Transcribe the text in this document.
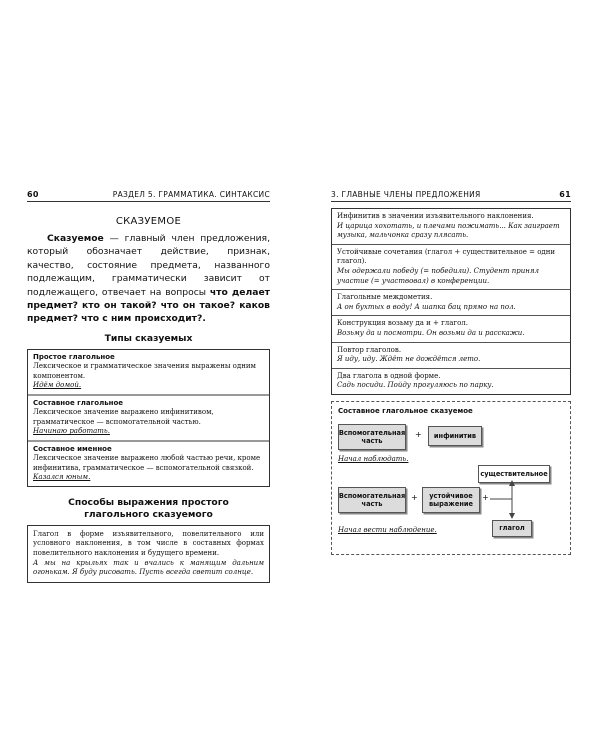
60	РАЗДЕЛ 5. ГРАММАТИКА. СИНТАКСИС
СКАЗУЕМОЕ
Сказуемое — главный член предложения, который обозначает действие, признак, качество, состояние предмета, названного подлежащим, грамматически зависит от подлежащего, отвечает на вопросы что делает предмет? кто он такой? что он такое? каков предмет? что с ним происходит?.
Типы сказуемых
Простое глагольное
Лексическое и грамматическое значения выражены одним компонентом.
Идём домой.
Составное глагольное
Лексическое значение выражено инфинитивом, грамматическое — вспомогательной частью.
Начинаю работать.
Составное именное
Лексическое значение выражено любой частью речи, кроме инфинитива, грамматическое — вспомогательной связкой.
Казался юным.
Способы выражения простого
глагольного сказуемого
Глагол в форме изъявительного, повелительного или условного наклонения, в том числе в составных формах повелительного наклонения и будущего времени.
А мы на крыльях так и вчались к манящим дальним огонькам. Я буду рисовать. Пусть всегда светит солнце.
3. ГЛАВНЫЕ ЧЛЕНЫ ПРЕДЛОЖЕНИЯ	61
Инфинитив в значении изъявительного наклонения.
И царица хохотать, и плечами пожимать... Как заиграет музыка, мальчонка сразу плясать.
Устойчивые сочетания (глагол + существительное = одни глагол).
Мы одержали победу (= победили). Студент принял участие (= участвовал) в конференции.
Глагольные междометия.
А он бухтых в воду! А шапка бац прямо на пол.
Конструкция возьму да и + глагол.
Возьму да и посмотри. Он возьми да и расскажи.
Повтор глаголов.
Я иду, иду. Ждёт не дождётся лето.
Два глагола в одной форме.
Садь посиди. Пойду прогуляюсь по парку.
Составное глагольное сказуемое
Вспомогательная часть
+	инфинитив
Начал наблюдать.
существительное
Вспомогательная часть
+	устойчивое выражение
+
глагол
Начал вести наблюдение.
